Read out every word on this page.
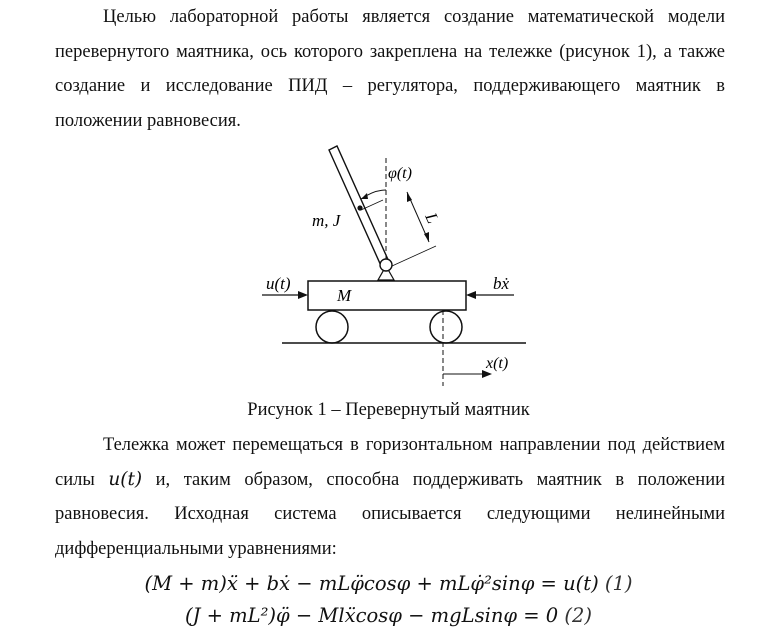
Целью лабораторной работы является создание математической модели перевернутого маятника, ось которого закреплена на тележке (рисунок 1), а также создание и исследование ПИД – регулятора, поддерживающего маятник в положении равновесия.

φ(t)
m, J	L
u(t)
M
bẋ
x(t)
Рисунок 1 – Перевернутый маятник

Тележка может перемещаться в горизонтальном направлении под действием силы u(t) и, таким образом, способна поддерживать маятник в положении равновесия. Исходная система описывается следующими нелинейными дифференциальными уравнениями:

(M + m)ẍ + bẋ − mLφ̈cosφ + mLφ̇²sinφ = u(t) (1)
(J + mL²)φ̈ − Mlẍcosφ − mgLsinφ = 0 (2)
